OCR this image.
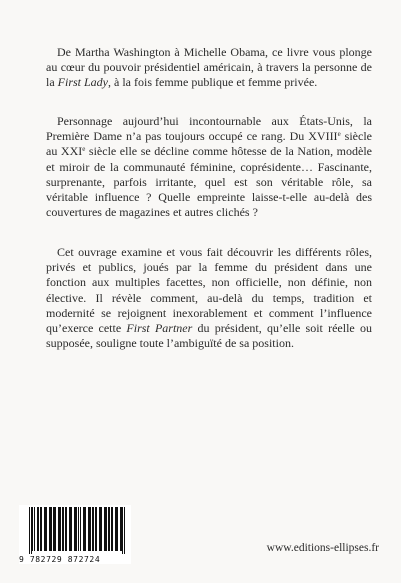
De Martha Washington à Michelle Obama, ce livre vous plonge au cœur du pouvoir présidentiel américain, à travers la personne de la First Lady, à la fois femme publique et femme privée.

Personnage aujourd’hui incontournable aux États-Unis, la Première Dame n’a pas toujours occupé ce rang. Du XVIIIe siècle au XXIe siècle elle se décline comme hôtesse de la Nation, modèle et miroir de la communauté féminine, coprésidente… Fascinante, surprenante, parfois irritante, quel est son véritable rôle, sa véritable influence ? Quelle empreinte laisse-t-elle au-delà des couvertures de magazines et autres clichés ?

Cet ouvrage examine et vous fait découvrir les différents rôles, privés et publics, joués par la femme du président dans une fonction aux multiples facettes, non officielle, non définie, non élective. Il révèle comment, au-delà du temps, tradition et modernité se rejoignent inexorablement et comment l’influence qu’exerce cette First Partner du président, qu’elle soit réelle ou supposée, souligne toute l’ambiguïté de sa position.

9 782729 872724
www.editions-ellipses.fr
